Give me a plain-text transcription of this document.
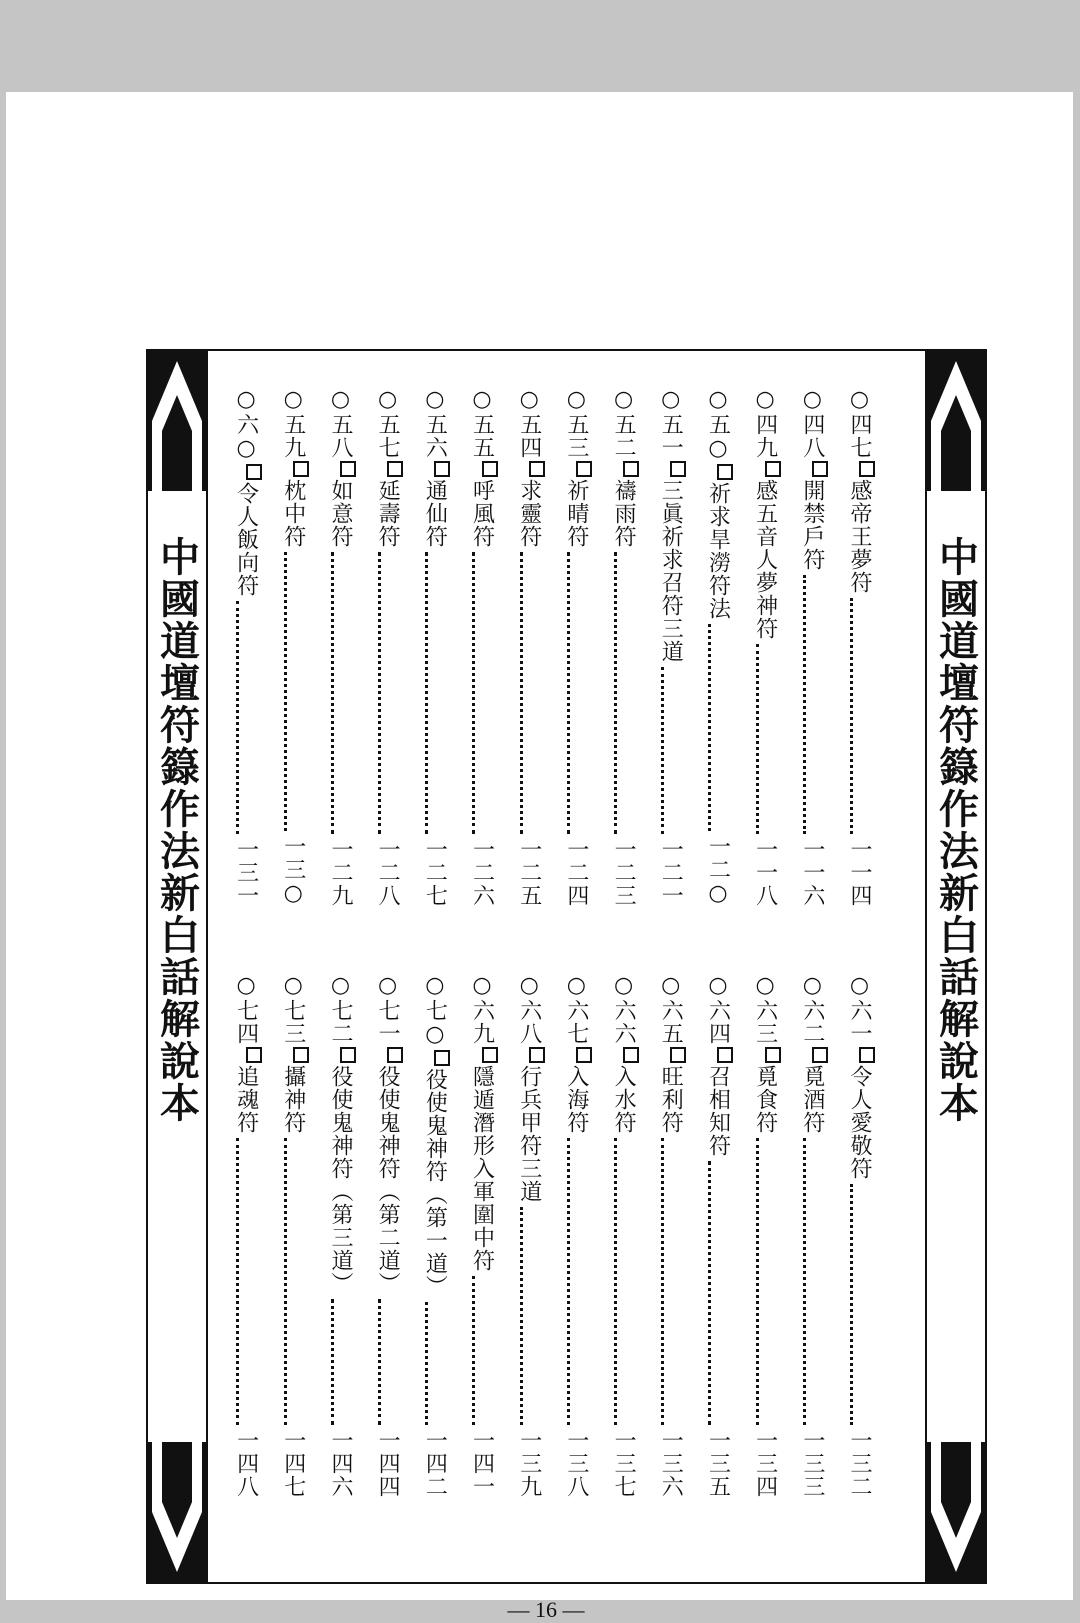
中國道壇符籙作法新白話解說本	中國道壇符籙作法新白話解說本
○四七
感帝王夢符
一一四
○四八
開禁戶符
一一六
○四九
感五音人夢神符
一一八
○五○
祈求旱澇符法
一二○
○五一
三眞祈求召符三道
一二一
○五二
禱雨符
一二三
○五三
祈晴符
一二四
○五四
求靈符
一二五
○五五
呼風符
一二六
○五六
通仙符
一二七
○五七
延壽符
一二八
○五八
如意符
一二九
○五九
枕中符
一三○
○六○
令人飯向符
一三一
○六一
令人愛敬符
一三二
○六二
覓酒符
一三三
○六三
覓食符
一三四
○六四
召相知符
一三五
○六五
旺利符
一三六
○六六
入水符
一三七
○六七
入海符
一三八
○六八
行兵甲符三道
一三九
○六九
隱遁潛形入軍圍中符
一四一
○七○
役使鬼神符（第一道）
一四二
○七一
役使鬼神符（第二道）
一四四
○七二
役使鬼神符（第三道）
一四六
○七三
攝神符
一四七
○七四
追魂符
一四八
— 16 —
